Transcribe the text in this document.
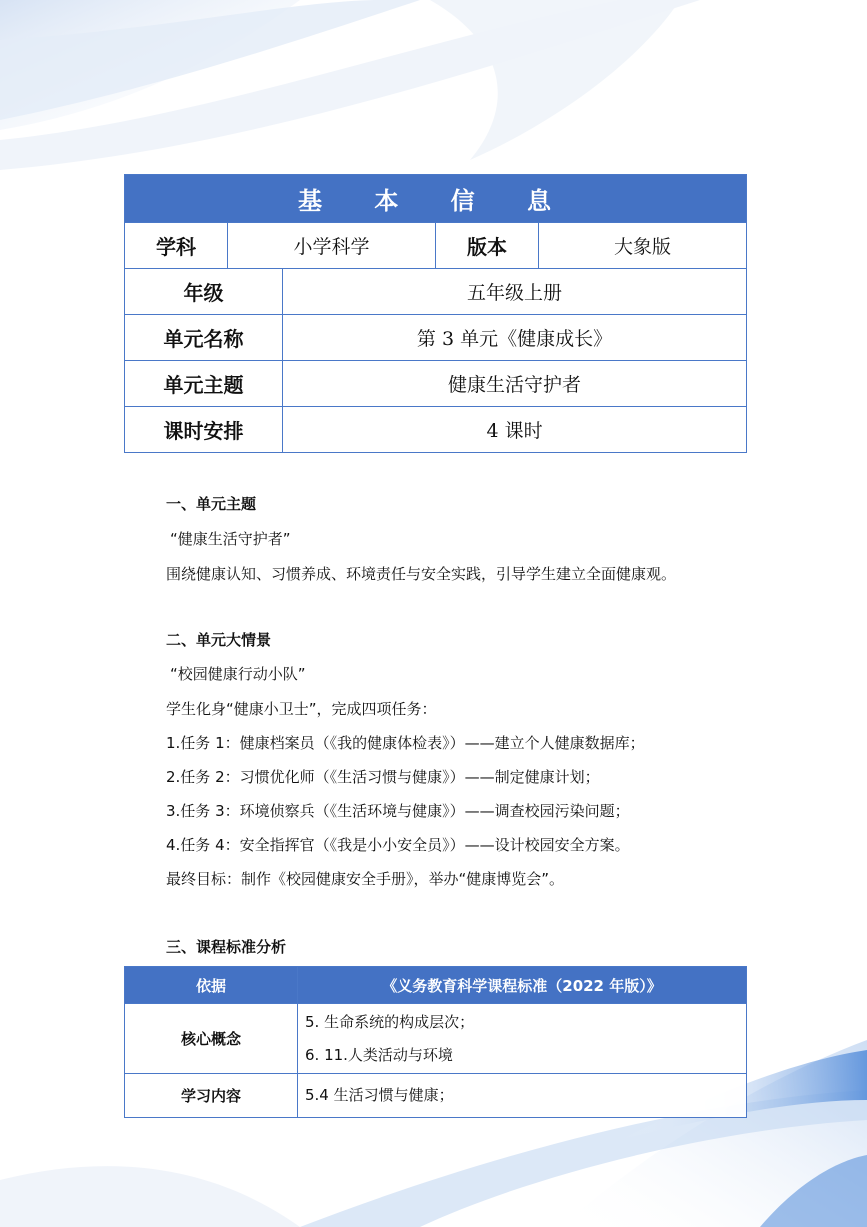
基 本 信 息				
学科	小学科学		版本	大象版
年级		五年级上册		
单元名称		第 3 单元《健康成长》		
单元主题		健康生活守护者		
课时安排		4 课时		
一、单元主题
“健康生活守护者”
围绕健康认知、习惯养成、环境责任与安全实践，引导学生建立全面健康观。
二、单元大情景
“校园健康行动小队”
学生化身“健康小卫士”，完成四项任务：
1.任务 1：健康档案员（《我的健康体检表》）——建立个人健康数据库；
2.任务 2：习惯优化师（《生活习惯与健康》）——制定健康计划；
3.任务 3：环境侦察兵（《生活环境与健康》）——调查校园污染问题；
4.任务 4：安全指挥官（《我是小小安全员》）——设计校园安全方案。
最终目标：制作《校园健康安全手册》，举办“健康博览会”。
三、课程标准分析
依据	《义务教育科学课程标准（2022 年版）》
核心概念	5. 生命系统的构成层次；
6. 11.人类活动与环境

学习内容	5.4 生活习惯与健康；
